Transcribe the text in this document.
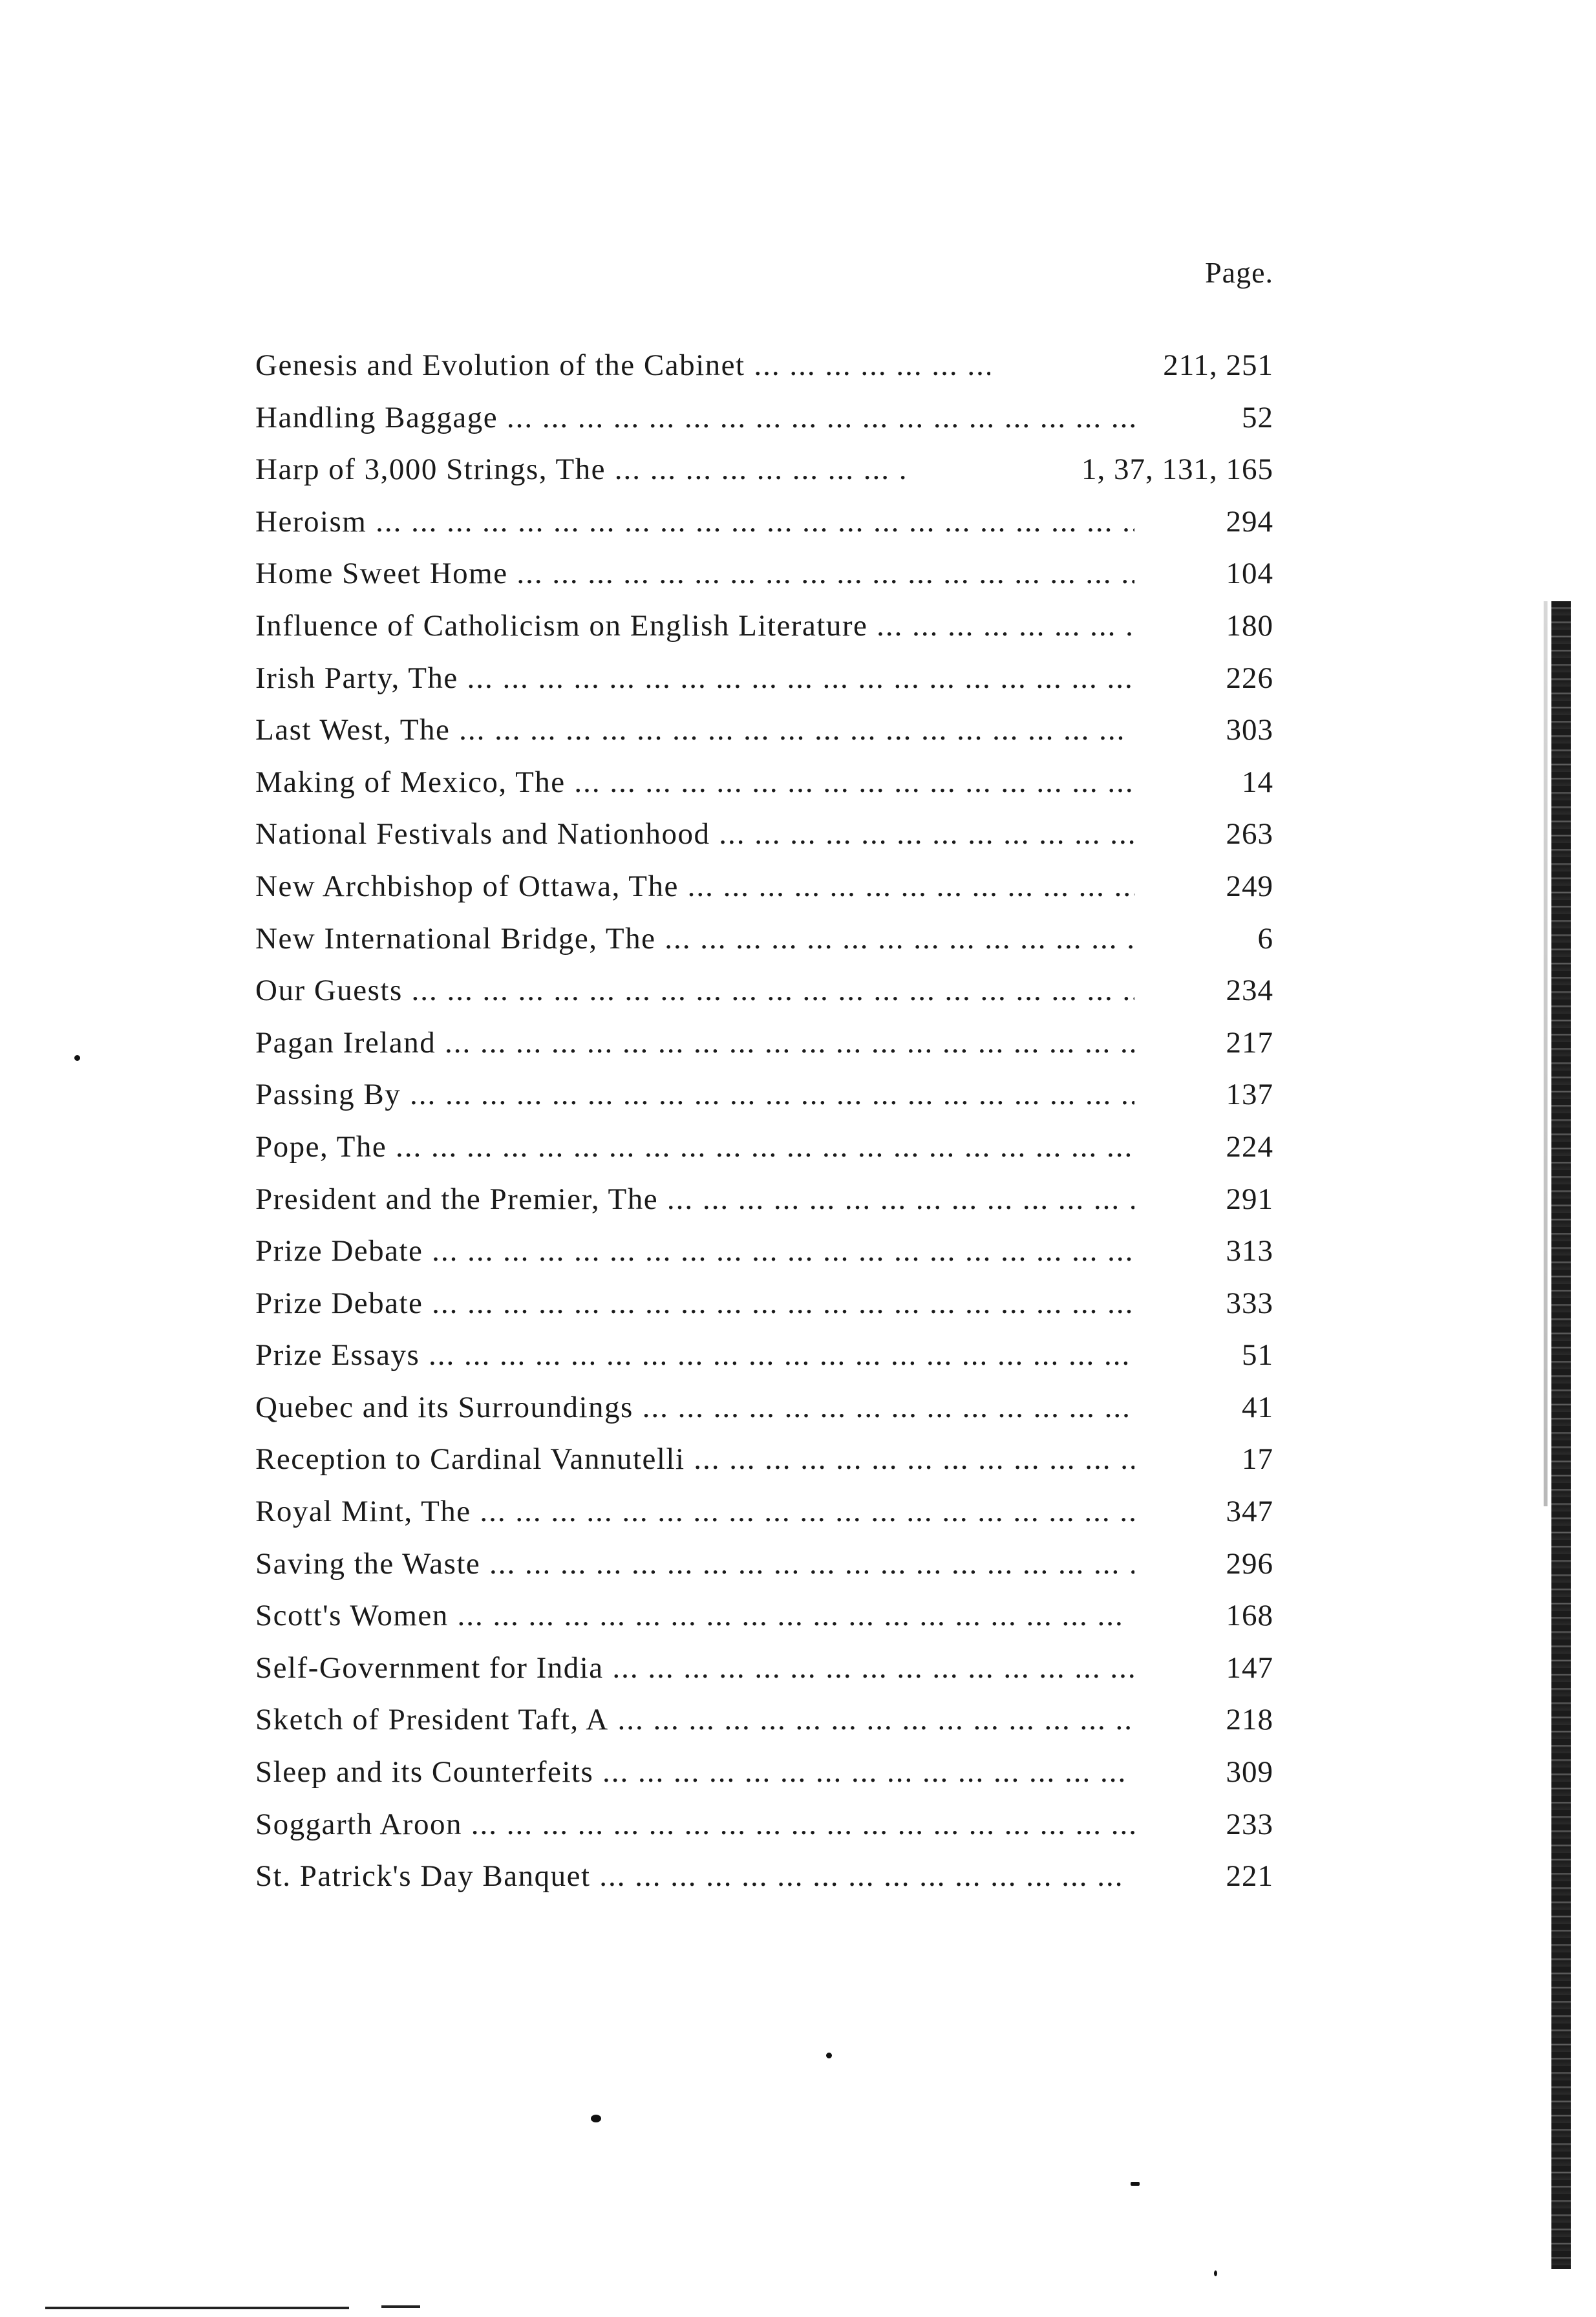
Page.
Genesis and Evolution of the Cabinet ... .	211, 251
Handling Baggage ... .	52
Harp of 3,000 Strings, The ... .	1, 37, 131, 165
Heroism ... .	294
Home Sweet Home ... .	104
Influence of Catholicism on English Literature ... .	180
Irish Party, The ... .	226
Last West, The ... .	303
Making of Mexico, The ... .	14
National Festivals and Nationhood ... .	263
New Archbishop of Ottawa, The ... .	249
New International Bridge, The ... .	6
Our Guests ... .	234
Pagan Ireland ... .	217
Passing By ... .	137
Pope, The ... .	224
President and the Premier, The ... .	291
Prize Debate ... .	313
Prize Debate ... .	333
Prize Essays ... .	51
Quebec and its Surroundings ... .	41
Reception to Cardinal Vannutelli ... .	17
Royal Mint, The ... .	347
Saving the Waste ... .	296
Scott's Women ... .	168
Self-Government for India ... .	147
Sketch of President Taft, A ... .	218
Sleep and its Counterfeits ... .	309
Soggarth Aroon ... .	233
St. Patrick's Day Banquet ... .	221
